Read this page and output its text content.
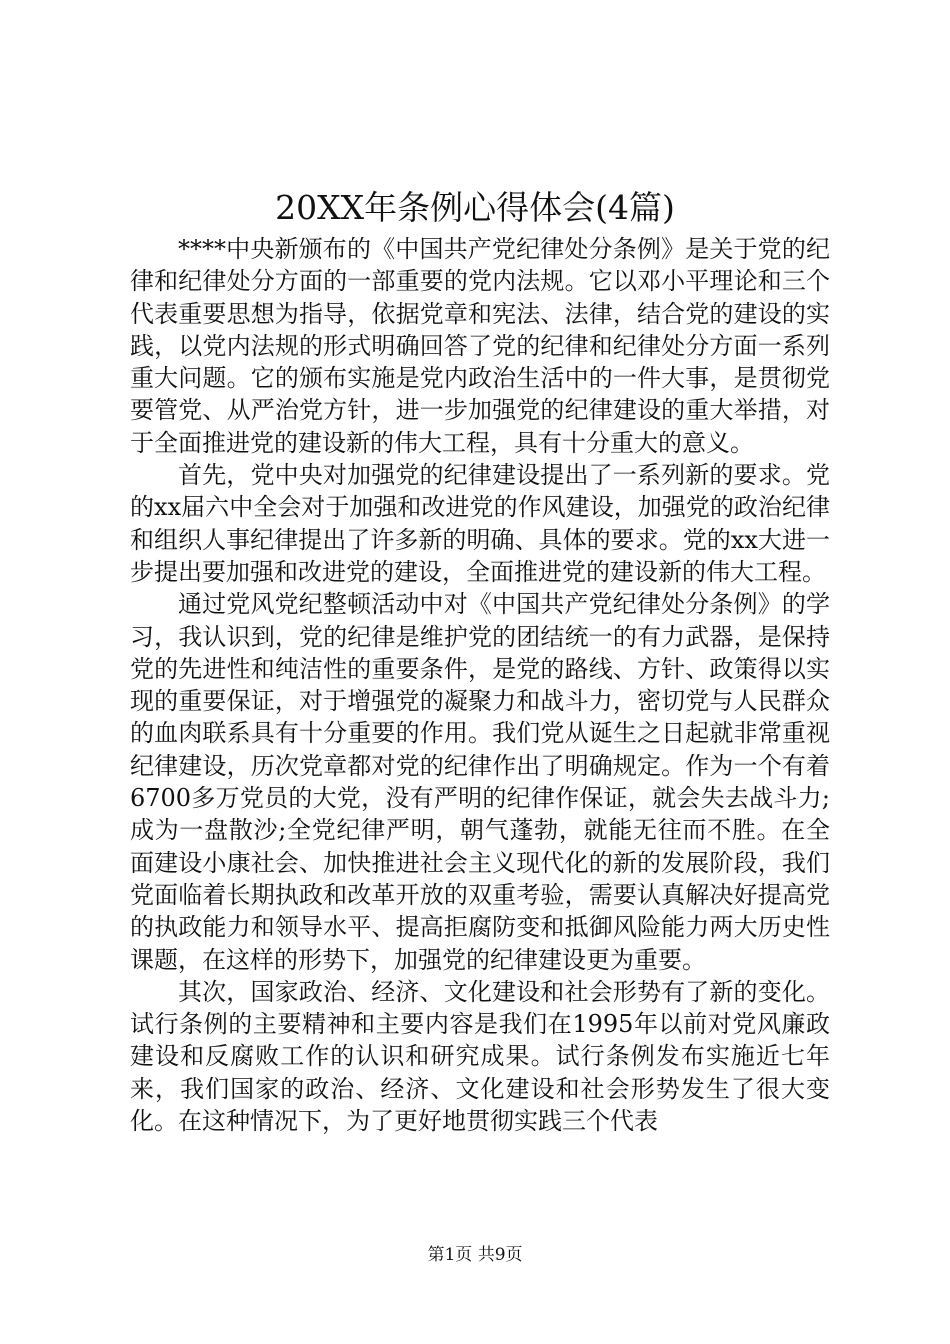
20XX年条例心得体会(4篇)

****中央新颁布的《中国共产党纪律处分条例》是关于党的纪律和纪律处分方面的一部重要的党内法规。它以邓小平理论和三个代表重要思想为指导，依据党章和宪法、法律，结合党的建设的实践，以党内法规的形式明确回答了党的纪律和纪律处分方面一系列重大问题。它的颁布实施是党内政治生活中的一件大事，是贯彻党要管党、从严治党方针，进一步加强党的纪律建设的重大举措，对于全面推进党的建设新的伟大工程，具有十分重大的意义。

首先，党中央对加强党的纪律建设提出了一系列新的要求。党的xx届六中全会对于加强和改进党的作风建设，加强党的政治纪律和组织人事纪律提出了许多新的明确、具体的要求。党的xx大进一步提出要加强和改进党的建设，全面推进党的建设新的伟大工程。

通过党风党纪整顿活动中对《中国共产党纪律处分条例》的学习，我认识到，党的纪律是维护党的团结统一的有力武器，是保持党的先进性和纯洁性的重要条件，是党的路线、方针、政策得以实现的重要保证，对于增强党的凝聚力和战斗力，密切党与人民群众的血肉联系具有十分重要的作用。我们党从诞生之日起就非常重视纪律建设，历次党章都对党的纪律作出了明确规定。作为一个有着6700多万党员的大党，没有严明的纪律作保证，就会失去战斗力;成为一盘散沙;全党纪律严明，朝气蓬勃，就能无往而不胜。在全面建设小康社会、加快推进社会主义现代化的新的发展阶段，我们党面临着长期执政和改革开放的双重考验，需要认真解决好提高党的执政能力和领导水平、提高拒腐防变和抵御风险能力两大历史性课题，在这样的形势下，加强党的纪律建设更为重要。

其次，国家政治、经济、文化建设和社会形势有了新的变化。试行条例的主要精神和主要内容是我们在1995年以前对党风廉政建设和反腐败工作的认识和研究成果。试行条例发布实施近七年来，我们国家的政治、经济、文化建设和社会形势发生了很大变化。在这种情况下，为了更好地贯彻实践三个代表

第1页 共9页
